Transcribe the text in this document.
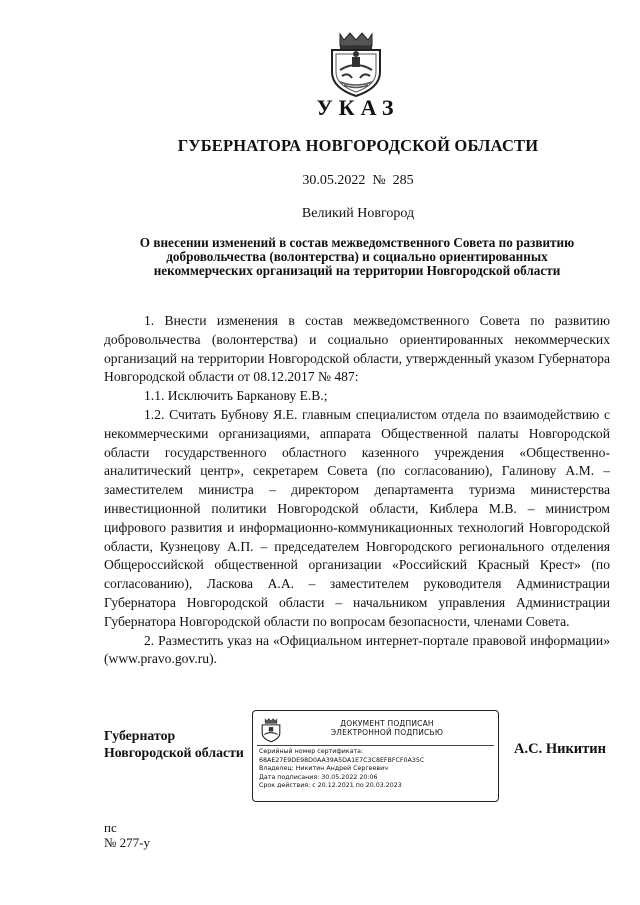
УКАЗ
ГУБЕРНАТОРА НОВГОРОДСКОЙ ОБЛАСТИ
30.05.2022 № 285
Великий Новгород
О внесении изменений в состав межведомственного Совета по развитию
добровольчества (волонтерства) и социально ориентированных
некоммерческих организаций на территории Новгородской области

1. Внести изменения в состав межведомственного Совета по развитию добровольчества (волонтерства) и социально ориентированных некоммерческих организаций на территории Новгородской области, утвержденный указом Губернатора Новгородской области от 08.12.2017 № 487:

1.1. Исключить Барканову Е.В.;

1.2. Считать Бубнову Я.Е. главным специалистом отдела по взаимодействию с некоммерческими организациями, аппарата Общественной палаты Новгородской области государственного областного казенного учреждения «Общественно-аналитический центр», секретарем Совета (по согласованию), Галинову А.М. – заместителем министра – директором департамента туризма министерства инвестиционной политики Новгородской области, Киблера М.В. – министром цифрового развития и информационно-коммуникационных технологий Новгородской области, Кузнецову А.П. – председателем Новгородского регионального отделения Общероссийской общественной организации «Российский Красный Крест» (по согласованию), Ласкова А.А. – заместителем руководителя Администрации Губернатора Новгородской области – начальником управления Администрации Губернатора Новгородской области по вопросам безопасности, членами Совета.

2. Разместить указ на «Официальном интернет-портале правовой информации» (www.pravo.gov.ru).

Губернатор
Новгородской области
ДОКУМЕНТ ПОДПИСАН
ЭЛЕКТРОННОЙ ПОДПИСЬЮ
Серийный номер сертификата:
68AE27E9DE98D0AA39A5DA1E7C3C8EFBFCF0A35C
Владелец: Никитин Андрей Сергеевич
Дата подписания: 30.05.2022 20:06
Срок действия: с 20.12.2021 по 20.03.2023
А.С. Никитин
пс
№ 277-у
